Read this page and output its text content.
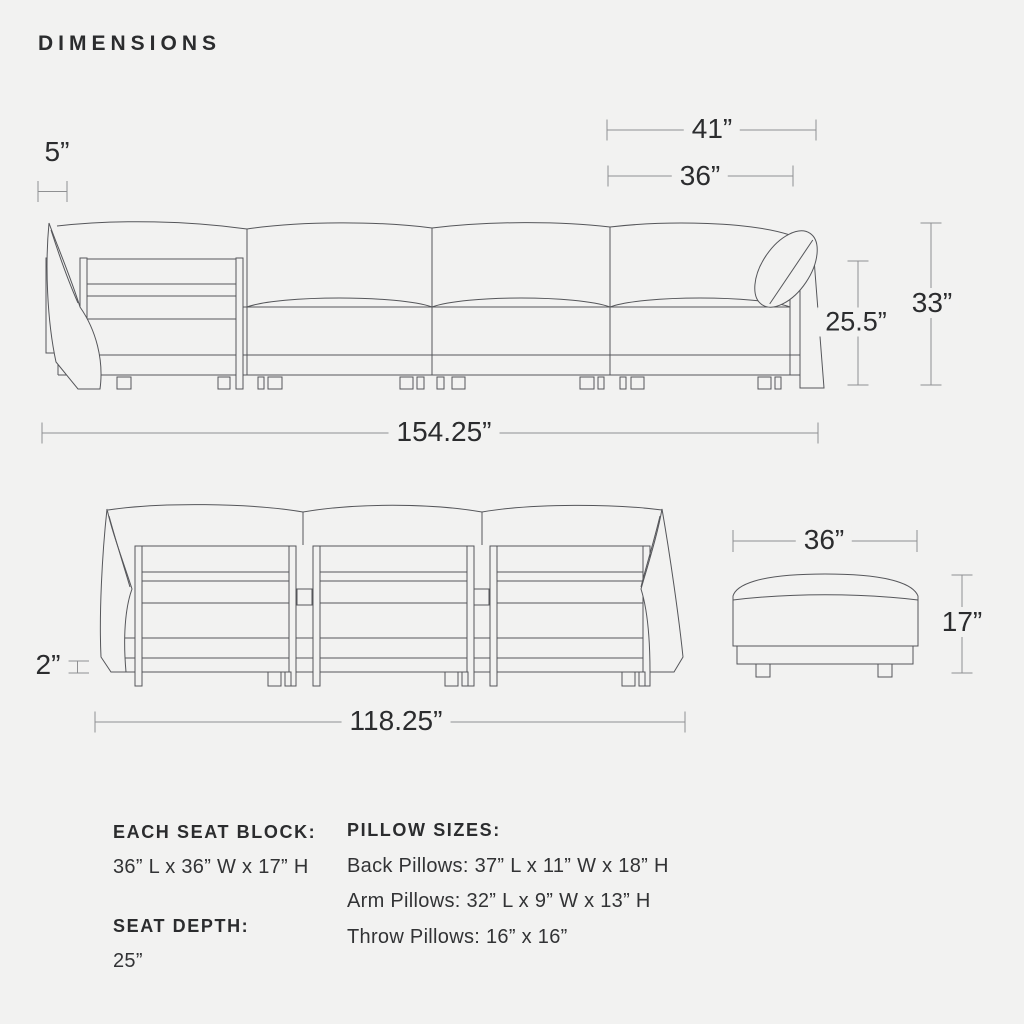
DIMENSIONS
5”
41”
36”
25.5”
33”
154.25”
2”
36”
17”
118.25”
EACH SEAT BLOCK:
36” L x 36” W x 17” H
SEAT DEPTH:
25”
PILLOW SIZES:
Back Pillows: 37” L x 11” W x 18” H
Arm Pillows: 32” L x 9” W x 13” H
Throw Pillows: 16” x 16”
